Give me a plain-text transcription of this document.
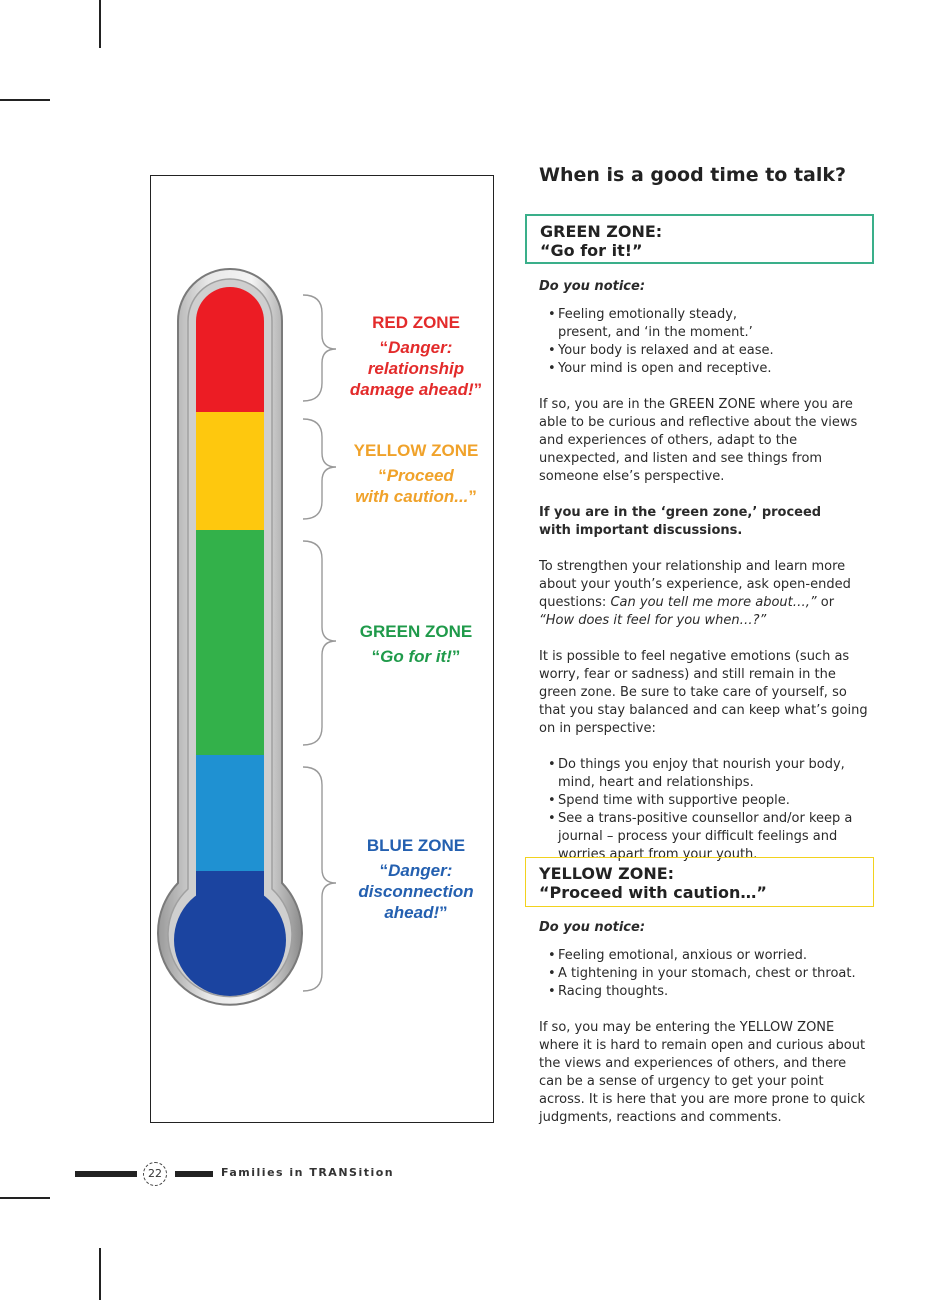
RED ZONE
“Danger:
relationship
damage ahead!”
YELLOW ZONE
“Proceed
with caution...”
GREEN ZONE
“Go for it!”
BLUE ZONE
“Danger:
disconnection
ahead!”
When is a good time to talk?
GREEN ZONE:
“Go for it!”

Do you notice:

• Feeling emotionally steady, present, and ‘in the moment.’
• Your body is relaxed and at ease.
• Your mind is open and receptive.

If so, you are in the GREEN ZONE where you are able to be curious and reflective about the views and experiences of others, adapt to the unexpected, and listen and see things from someone else’s perspective.

If you are in the ‘green zone,’ proceed with important discussions.

To strengthen your relationship and learn more about your youth’s experience, ask open-ended questions: Can you tell me more about…,” or “How does it feel for you when…?”

It is possible to feel negative emotions (such as worry, fear or sadness) and still remain in the green zone. Be sure to take care of yourself, so that you stay balanced and can keep what’s going on in perspective:

• Do things you enjoy that nourish your body, mind, heart and relationships.
• Spend time with supportive people.
• See a trans-positive counsellor and/or keep a journal – process your difficult feelings and worries apart from your youth.
YELLOW ZONE:
“Proceed with caution…”

Do you notice:

• Feeling emotional, anxious or worried.
• A tightening in your stomach, chest or throat.
• Racing thoughts.

If so, you may be entering the YELLOW ZONE where it is hard to remain open and curious about the views and experiences of others, and there can be a sense of urgency to get your point across. It is here that you are more prone to quick judgments, reactions and comments.

22	Families in TRANSition
